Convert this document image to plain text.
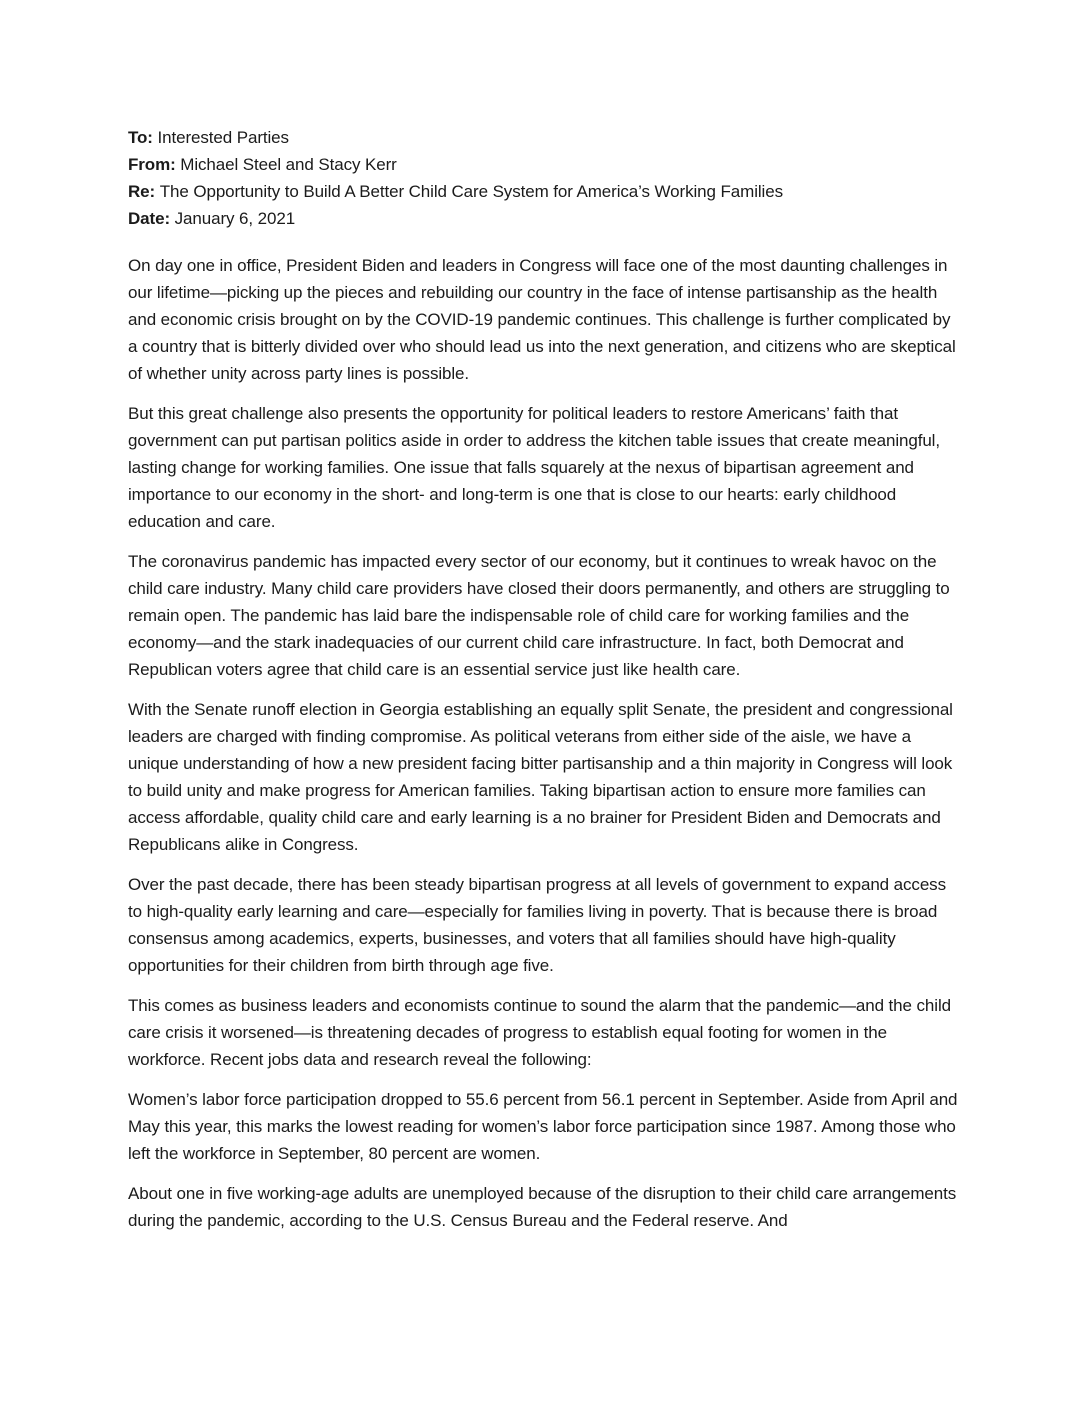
To: Interested Parties

From: Michael Steel and Stacy Kerr

Re: The Opportunity to Build A Better Child Care System for America’s Working Families

Date: January 6, 2021

On day one in office, President Biden and leaders in Congress will face one of the most daunting challenges in our lifetime—picking up the pieces and rebuilding our country in the face of intense partisanship as the health and economic crisis brought on by the COVID-19 pandemic continues. This challenge is further complicated by a country that is bitterly divided over who should lead us into the next generation, and citizens who are skeptical of whether unity across party lines is possible.

But this great challenge also presents the opportunity for political leaders to restore Americans’ faith that government can put partisan politics aside in order to address the kitchen table issues that create meaningful, lasting change for working families. One issue that falls squarely at the nexus of bipartisan agreement and importance to our economy in the short- and long-term is one that is close to our hearts: early childhood education and care.

The coronavirus pandemic has impacted every sector of our economy, but it continues to wreak havoc on the child care industry. Many child care providers have closed their doors permanently, and others are struggling to remain open. The pandemic has laid bare the indispensable role of child care for working families and the economy—and the stark inadequacies of our current child care infrastructure. In fact, both Democrat and Republican voters agree that child care is an essential service just like health care.

With the Senate runoff election in Georgia establishing an equally split Senate, the president and congressional leaders are charged with finding compromise. As political veterans from either side of the aisle, we have a unique understanding of how a new president facing bitter partisanship and a thin majority in Congress will look to build unity and make progress for American families. Taking bipartisan action to ensure more families can access affordable, quality child care and early learning is a no brainer for President Biden and Democrats and Republicans alike in Congress.

Over the past decade, there has been steady bipartisan progress at all levels of government to expand access to high-quality early learning and care—especially for families living in poverty. That is because there is broad consensus among academics, experts, businesses, and voters that all families should have high-quality opportunities for their children from birth through age five.

This comes as business leaders and economists continue to sound the alarm that the pandemic—and the child care crisis it worsened—is threatening decades of progress to establish equal footing for women in the workforce. Recent jobs data and research reveal the following:

Women’s labor force participation dropped to 55.6 percent from 56.1 percent in September. Aside from April and May this year, this marks the lowest reading for women’s labor force participation since 1987. Among those who left the workforce in September, 80 percent are women.

About one in five working-age adults are unemployed because of the disruption to their child care arrangements during the pandemic, according to the U.S. Census Bureau and the Federal reserve. And
